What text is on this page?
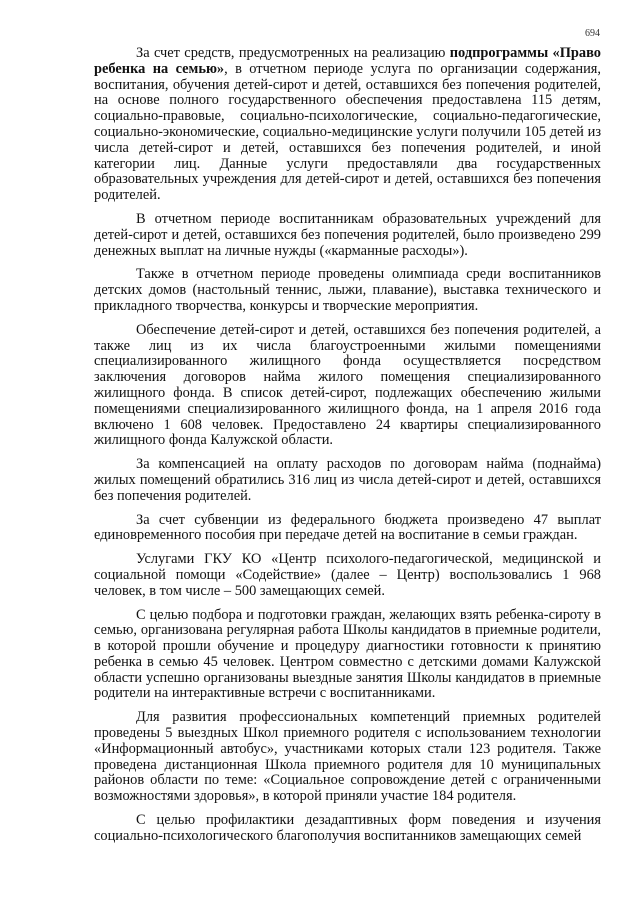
694

За счет средств, предусмотренных на реализацию подпрограммы «Право ребенка на семью», в отчетном периоде услуга по организации содержания, воспитания, обучения детей-сирот и детей, оставшихся без попечения родителей, на основе полного государственного обеспечения предоставлена 115 детям, социально-правовые, социально-психологические, социально-педагогические, социально-экономические, социально-медицинские услуги получили 105 детей из числа детей-сирот и детей, оставшихся без попечения родителей, и иной категории лиц. Данные услуги предоставляли два государственных образовательных учреждения для детей-сирот и детей, оставшихся без попечения родителей.

В отчетном периоде воспитанникам образовательных учреждений для детей-сирот и детей, оставшихся без попечения родителей, было произведено 299 денежных выплат на личные нужды («карманные расходы»).

Также в отчетном периоде проведены олимпиада среди воспитанников детских домов (настольный теннис, лыжи, плавание), выставка технического и прикладного творчества, конкурсы и творческие мероприятия.

Обеспечение детей-сирот и детей, оставшихся без попечения родителей, а также лиц из их числа благоустроенными жилыми помещениями специализированного жилищного фонда осуществляется посредством заключения договоров найма жилого помещения специализированного жилищного фонда. В список детей-сирот, подлежащих обеспечению жилыми помещениями специализированного жилищного фонда, на 1 апреля 2016 года включено 1 608 человек. Предоставлено 24 квартиры специализированного жилищного фонда Калужской области.

За компенсацией на оплату расходов по договорам найма (поднайма) жилых помещений обратились 316 лиц из числа детей-сирот и детей, оставшихся без попечения родителей.

За счет субвенции из федерального бюджета произведено 47 выплат единовременного пособия при передаче детей на воспитание в семьи граждан.

Услугами ГКУ КО «Центр психолого-педагогической, медицинской и социальной помощи «Содействие» (далее – Центр) воспользовались 1 968 человек, в том числе – 500 замещающих семей.

С целью подбора и подготовки граждан, желающих взять ребенка-сироту в семью, организована регулярная работа Школы кандидатов в приемные родители, в которой прошли обучение и процедуру диагностики готовности к принятию ребенка в семью 45 человек. Центром совместно с детскими домами Калужской области успешно организованы выездные занятия Школы кандидатов в приемные родители на интерактивные встречи с воспитанниками.

Для развития профессиональных компетенций приемных родителей проведены 5 выездных Школ приемного родителя с использованием технологии «Информационный автобус», участниками которых стали 123 родителя. Также проведена дистанционная Школа приемного родителя для 10 муниципальных районов области по теме: «Социальное сопровождение детей с ограниченными возможностями здоровья», в которой приняли участие 184 родителя.

С целью профилактики дезадаптивных форм поведения и изучения социально-психологического благополучия воспитанников замещающих семей
